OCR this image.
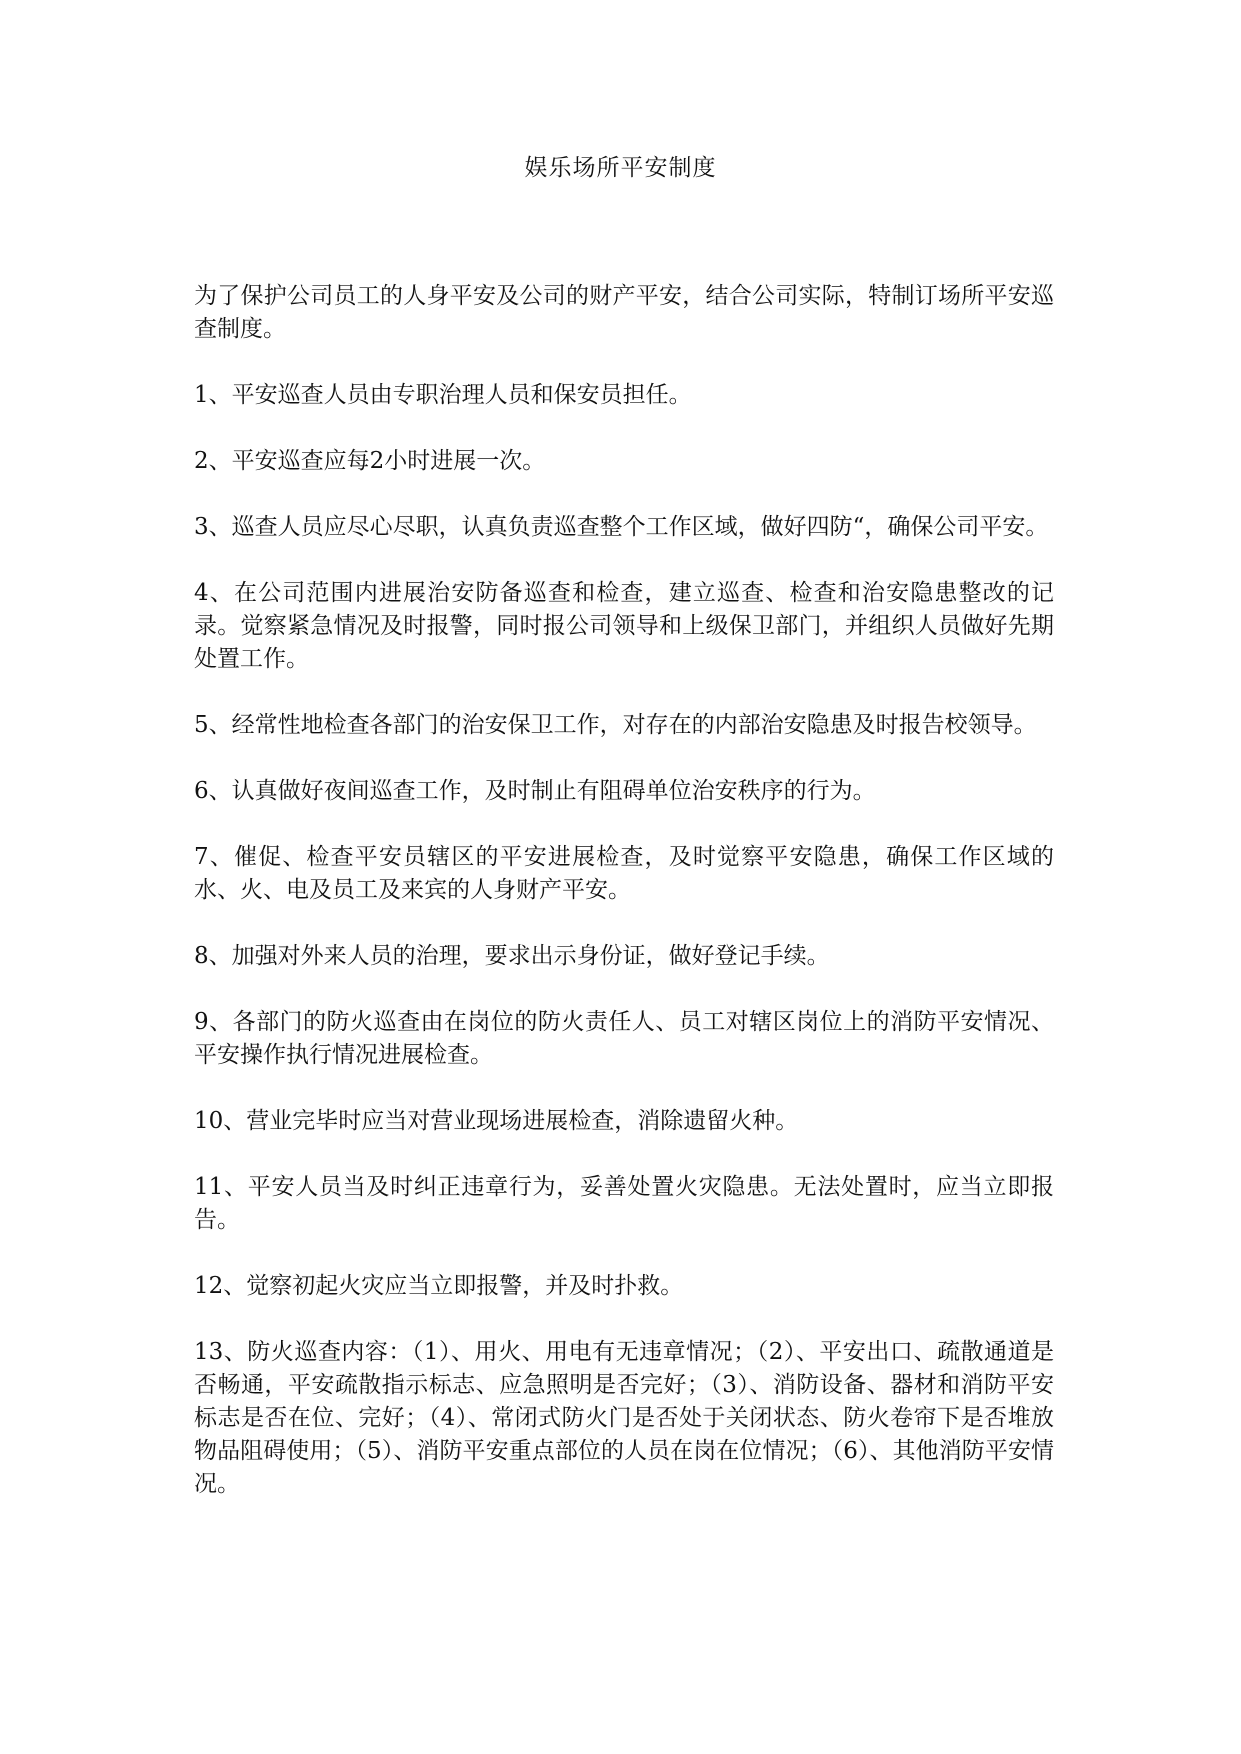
娱乐场所平安制度

为了保护公司员工的人身平安及公司的财产平安，结合公司实际，特制订场所平安巡查制度。

1、平安巡查人员由专职治理人员和保安员担任。

2、平安巡查应每2小时进展一次。

3、巡查人员应尽心尽职，认真负责巡查整个工作区域，做好四防“，确保公司平安。

4、在公司范围内进展治安防备巡查和检查，建立巡查、检查和治安隐患整改的记录。觉察紧急情况及时报警，同时报公司领导和上级保卫部门，并组织人员做好先期处置工作。

5、经常性地检查各部门的治安保卫工作，对存在的内部治安隐患及时报告校领导。

6、认真做好夜间巡查工作，及时制止有阻碍单位治安秩序的行为。

7、催促、检查平安员辖区的平安进展检查，及时觉察平安隐患，确保工作区域的水、火、电及员工及来宾的人身财产平安。

8、加强对外来人员的治理，要求出示身份证，做好登记手续。

9、各部门的防火巡查由在岗位的防火责任人、员工对辖区岗位上的消防平安情况、平安操作执行情况进展检查。

10、营业完毕时应当对营业现场进展检查，消除遗留火种。

11、平安人员当及时纠正违章行为，妥善处置火灾隐患。无法处置时，应当立即报告。

12、觉察初起火灾应当立即报警，并及时扑救。

13、防火巡查内容：（1）、用火、用电有无违章情况；（2）、平安出口、疏散通道是否畅通，平安疏散指示标志、应急照明是否完好；（3）、消防设备、器材和消防平安标志是否在位、完好；（4）、常闭式防火门是否处于关闭状态、防火卷帘下是否堆放物品阻碍使用；（5）、消防平安重点部位的人员在岗在位情况；（6）、其他消防平安情况。
